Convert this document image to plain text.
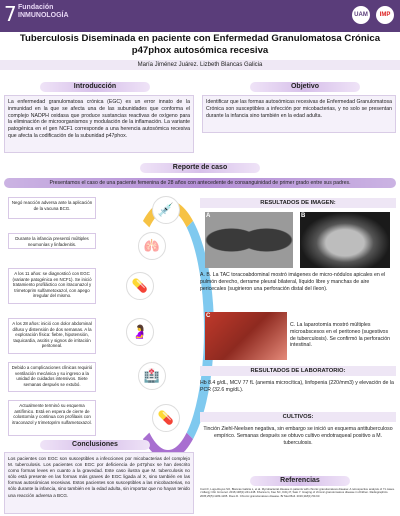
7 Fundación
INMUNOLOGÍA	UAM	IMP
Tuberculosis Diseminada en paciente con Enfermedad Granulomatosa Crónica
p47phox autosómica recesiva
María Jiménez Juárez. Lizbeth Blancas Galicia
Introducción
La enfermedad granulomatosa crónica (EGC) es un error innato de la inmunidad en la que se afecta una de las subunidades que conforma el complejo NADPH oxidasa que produce sustancias reactivas de oxígeno para la eliminación de microorganismos y modulación de la inflamación. La variante patogénica en el gen NCF1 corresponde a una herencia autosómica recesiva que afecta la codificación de la subunidad p47phox.
Objetivo
Identificar que las formas autosómicas recesivas de Enfermedad Granulomatosa Crónica son susceptibles a infección por micobacterias, y no solo se presentan durante la infancia sino también en la edad adulta.
Reporte de caso
Presentamos el caso de una paciente femenina de 28 años con antecedente de consanguinidad de primer grado entre sus padres.
Negó reacción adversa ante la aplicación de la vacuna BCG.
Durante la infancia presentó múltiples neumonías y linfadenitis.
A los 11 años: se diagnosticó con EGC (variante patogénica en NCF1). Se inició tratamiento profiláctico con itraconazol y trimetoprim sulfametoxazol, con apego irregular del mismo.
A los 28 años: inició con dolor abdominal difuso y distensión de dos semanas. A la exploración física: fiebre, hipotensión, taquicardia, ascitis y signos de irritación peritoneal.
Debido a complicaciones clínicas requirió ventilación mecánica y su ingreso a la unidad de cuidados intensivos. Siete semanas después se extubó.
Actualmente terminó su esquema antifímico. Está en espera de cierre de colostomía y continua con profilaxis con itraconazol y trimetoprim sulfametoxazol.
💉
🫁
💊
🤰
🏥
💊
RESULTADOS DE IMAGEN:
A	B
A. B. La TAC toracoabdominal mostró imágenes de micro-nódulos apicales en el pulmón derecho, derrame pleural bilateral, líquido libre y manchas de aire pericecales (sugirieron una perforación distal del íleon).
C
C. La laparotomía mostró múltiples microabscesos en el peritoneo (sugestivos de tuberculosis). Se confirmó la perforación intestinal.
RESULTADOS DE LABORATORIO:
Hb 8.4 g/dL, MCV 77 fL (anemia microcítica), linfopenia (220/mm3) y elevación de la PCR (32.6 mg/dL).
CULTIVOS:
Tinción Ziehl-Neelsen negativa, sin embargo se inició un esquema antituberculoso empírico. Semanas después se obtuvo cultivo endotraqueal positivo a M. tuberculosis.
Conclusiones
Los pacientes con EGC son susceptibles a infecciones por micobacterias del complejo M. tuberculosis. Los pacientes con EGC por deficiencia de p47phox se han descrito como formas leves en cuanto a la gravedad. Este caso ilustra que M. tuberculosis no sólo está presente en las formas más graves de EGC ligada al X, sino también en las formas autosómicas recesivas. Estos pacientes son susceptibles a las micobacterias, no sólo durante la infancia, sino también en la edad adulta, sin importar que no hayan tenido una reacción adversa a BCG.
Referencias
Conti F, Lugo-Reyes SO, Blancas Galicia L, et al. Mycobacterial disease in patients with chronic granulomatous disease: A retrospective analysis of 71 cases. J Allergy Clin Immunol. 2016;138(1):241-248. Khanna G, Kao SC, Kirby P, Sato Y. Imaging of chronic granulomatous disease in children. Radiographics. 2005;25(5):1183-1195. Roos D. Chronic granulomatous disease. Br Med Bull. 2016;118(1):50-63.
